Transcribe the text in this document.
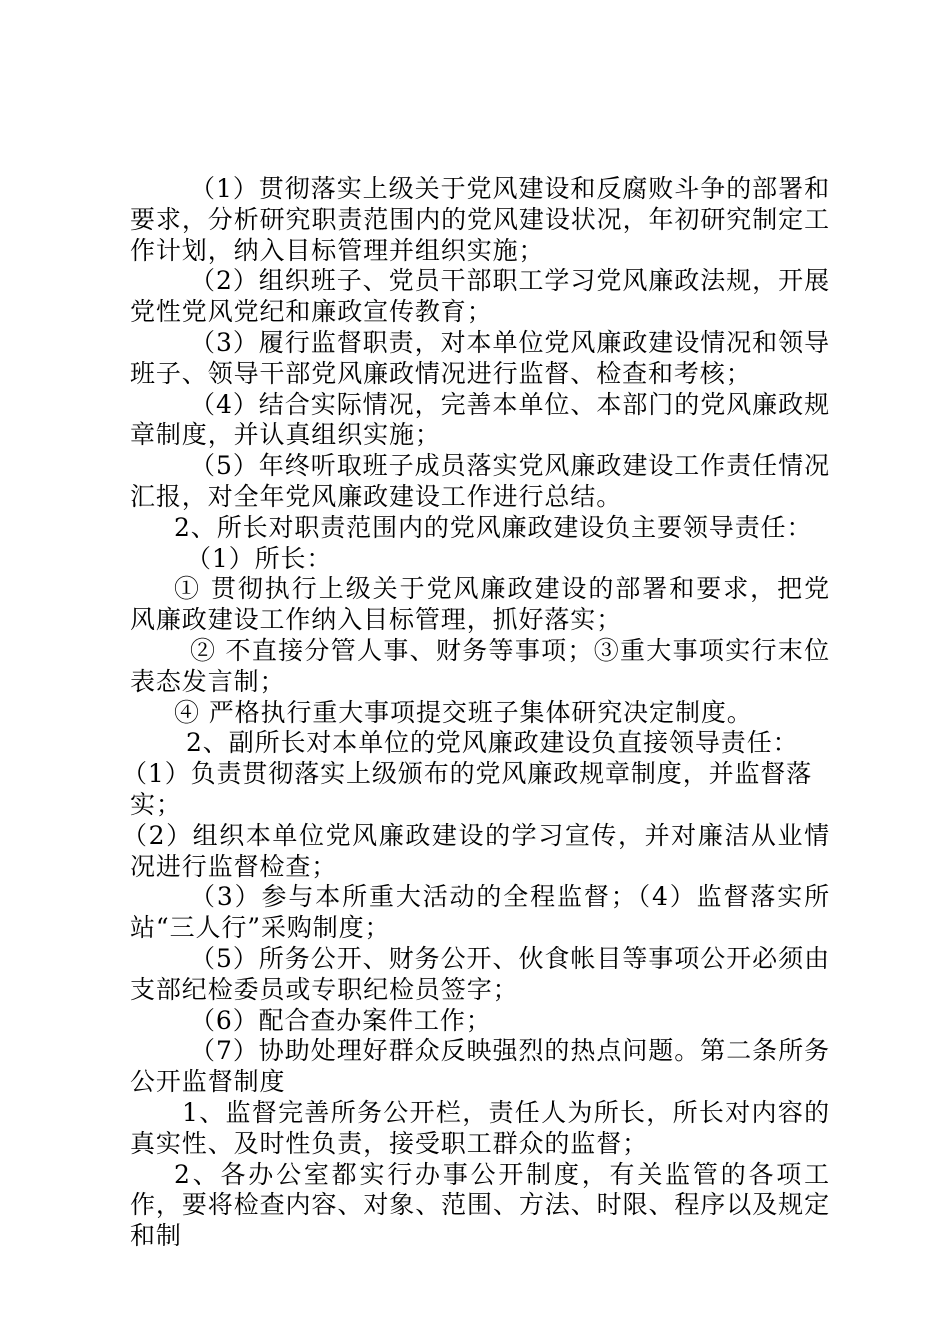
（1）贯彻落实上级关于党风建设和反腐败斗争的部署和要求，分析研究职责范围内的党风建设状况，年初研究制定工作计划，纳入目标管理并组织实施；

（2）组织班子、党员干部职工学习党风廉政法规，开展党性党风党纪和廉政宣传教育；

（3）履行监督职责，对本单位党风廉政建设情况和领导班子、领导干部党风廉政情况进行监督、检查和考核；

（4）结合实际情况，完善本单位、本部门的党风廉政规章制度，并认真组织实施；

（5）年终听取班子成员落实党风廉政建设工作责任情况汇报，对全年党风廉政建设工作进行总结。

2、所长对职责范围内的党风廉政建设负主要领导责任：

（1）所长：

① 贯彻执行上级关于党风廉政建设的部署和要求，把党风廉政建设工作纳入目标管理，抓好落实；

② 不直接分管人事、财务等事项；③重大事项实行末位表态发言制；

④ 严格执行重大事项提交班子集体研究决定制度。

2、副所长对本单位的党风廉政建设负直接领导责任：

（1）负责贯彻落实上级颁布的党风廉政规章制度，并监督落实；

（2）组织本单位党风廉政建设的学习宣传，并对廉洁从业情况进行监督检查；

（3）参与本所重大活动的全程监督；（4）监督落实所站“三人行”采购制度；

（5）所务公开、财务公开、伙食帐目等事项公开必须由支部纪检委员或专职纪检员签字；

（6）配合查办案件工作；

（7）协助处理好群众反映强烈的热点问题。第二条所务公开监督制度

1、监督完善所务公开栏，责任人为所长，所长对内容的真实性、及时性负责，接受职工群众的监督；

2、各办公室都实行办事公开制度，有关监管的各项工作，要将检查内容、对象、范围、方法、时限、程序以及规定和制
